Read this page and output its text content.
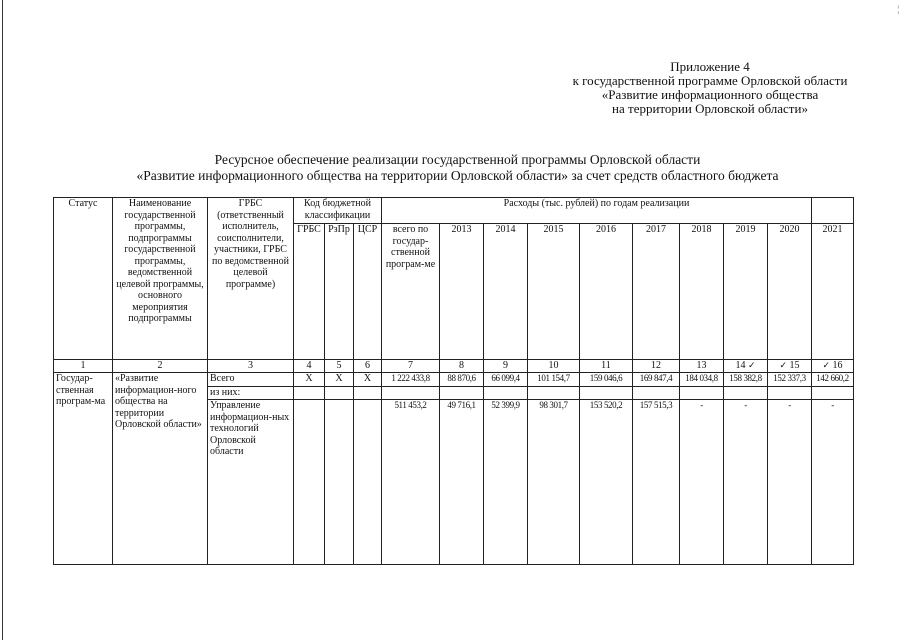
¦
Приложение 4
к государственной программе Орловской области
«Развитие информационного общества
на территории Орловской области»
Ресурсное обеспечение реализации государственной программы Орловской области
«Развитие информационного общества на территории Орловской области» за счет средств областного бюджета
Статус	Наименование государственной программы, подпрограммы государственной программы, ведомственной целевой программы, основного мероприятия подпрограммы	ГРБС (ответственный исполнитель, соисполнители, участники, ГРБС по ведомственной целевой программе)	Код бюджетной классификации			Расходы (тыс. рублей) по годам реализации									
			ГРБС	РзПр	ЦСР	всего по государ-ственной програм-ме	2013	2014	2015	2016	2017	2018	2019	2020	2021
1	2	3	4	5	6	7	8	9	10	11	12	13	14 ✓	✓ 15	✓ 16
Государ-ственная програм-ма	«Развитие информацион-ного общества на территории Орловской области»	Всего	Х	Х	Х	1 222 433,8	88 870,6	66 099,4	101 154,7	159 046,6	169 847,4	184 034,8	158 382,8	152 337,3	142 660,2
		из них:													
		Управление информацион-ных технологий Орловской области				511 453,2	49 716,1	52 399,9	98 301,7	153 520,2	157 515,3	-	-	-	-
